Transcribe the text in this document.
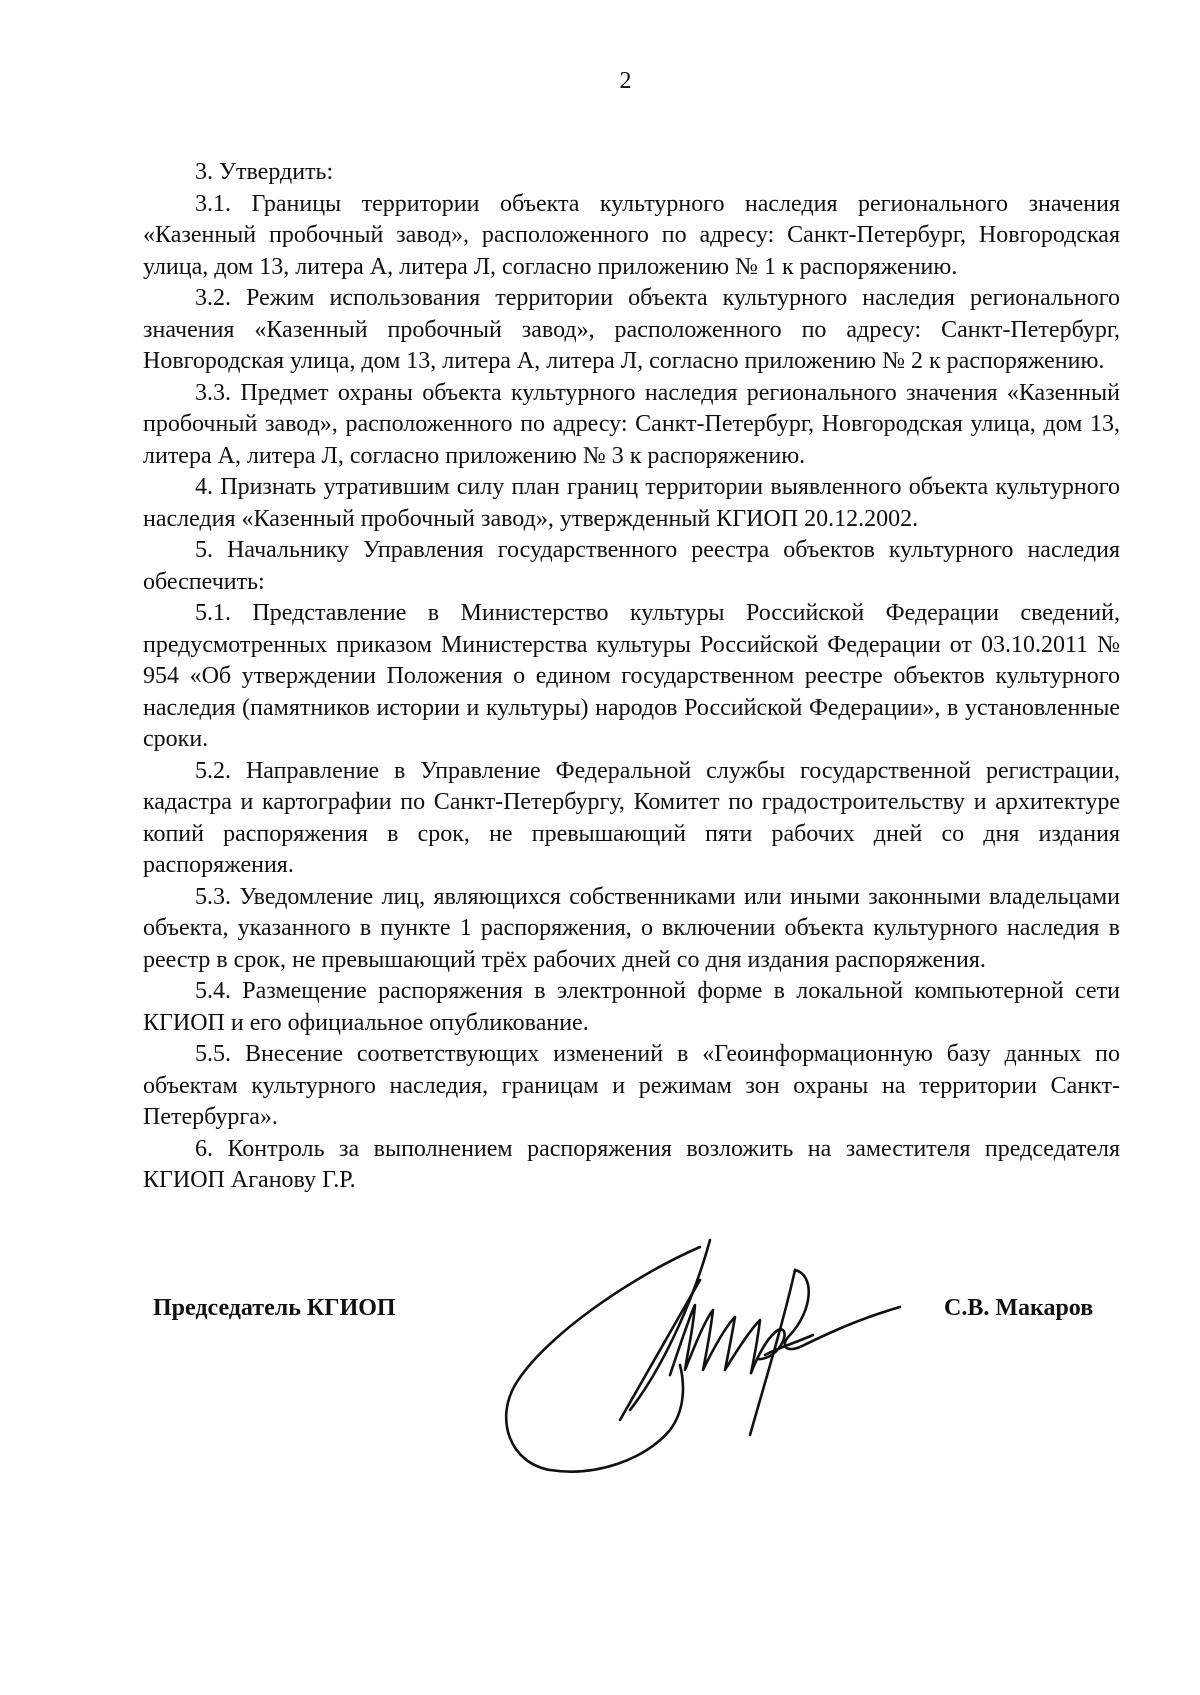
2

3. Утвердить:

3.1. Границы территории объекта культурного наследия регионального значения «Казенный пробочный завод», расположенного по адресу: Санкт-Петербург, Новгородская улица, дом 13, литера А, литера Л, согласно приложению № 1 к распоряжению.

3.2. Режим использования территории объекта культурного наследия регионального значения «Казенный пробочный завод», расположенного по адресу: Санкт-Петербург, Новгородская улица, дом 13, литера А, литера Л, согласно приложению № 2 к распоряжению.

3.3. Предмет охраны объекта культурного наследия регионального значения «Казенный пробочный завод», расположенного по адресу: Санкт-Петербург, Новгородская улица, дом 13, литера А, литера Л, согласно приложению № 3 к распоряжению.

4. Признать утратившим силу план границ территории выявленного объекта культурного наследия «Казенный пробочный завод», утвержденный КГИОП 20.12.2002.

5. Начальнику Управления государственного реестра объектов культурного наследия обеспечить:

5.1. Представление в Министерство культуры Российской Федерации сведений, предусмотренных приказом Министерства культуры Российской Федерации от 03.10.2011 № 954 «Об утверждении Положения о едином государственном реестре объектов культурного наследия (памятников истории и культуры) народов Российской Федерации», в установленные сроки.

5.2. Направление в Управление Федеральной службы государственной регистрации, кадастра и картографии по Санкт-Петербургу, Комитет по градостроительству и архитектуре копий распоряжения в срок, не превышающий пяти рабочих дней со дня издания распоряжения.

5.3. Уведомление лиц, являющихся собственниками или иными законными владельцами объекта, указанного в пункте 1 распоряжения, о включении объекта культурного наследия в реестр в срок, не превышающий трёх рабочих дней со дня издания распоряжения.

5.4. Размещение распоряжения в электронной форме в локальной компьютерной сети КГИОП и его официальное опубликование.

5.5. Внесение соответствующих изменений в «Геоинформационную базу данных по объектам культурного наследия, границам и режимам зон охраны на территории Санкт-Петербурга».

6. Контроль за выполнением распоряжения возложить на заместителя председателя КГИОП Аганову Г.Р.

Председатель КГИОП	С.В. Макаров
